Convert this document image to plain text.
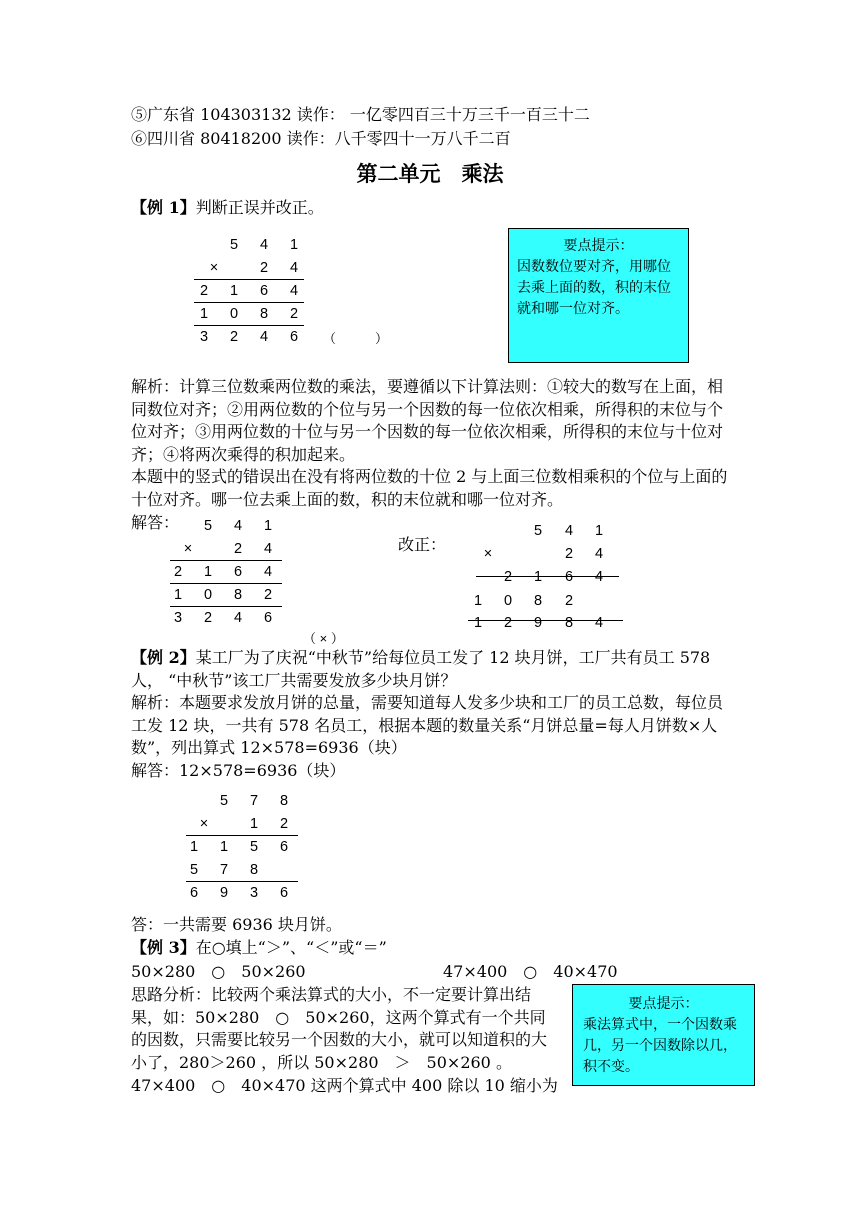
⑤广东省 104303132 读作： 一亿零四百三十万三千一百三十二
⑥四川省 80418200 读作：八千零四十一万八千二百
第二单元　乘法
【例 1】判断正误并改正。
5	4	1
×	2	4
2	1	6	4
1	0	8	2
3	2	4	6	（　　　）
要点提示：
因数数位要对齐，用哪位去乘上面的数，积的末位就和哪一位对齐。
解析：计算三位数乘两位数的乘法，要遵循以下计算法则：①较大的数写在上面，相同数位对齐；②用两位数的个位与另一个因数的每一位依次相乘，所得积的末位与个位对齐；③用两位数的十位与另一个因数的每一位依次相乘，所得积的末位与十位对齐；④将两次乘得的积加起来。
本题中的竖式的错误出在没有将两位数的十位 2 与上面三位数相乘积的个位与上面的十位对齐。哪一位去乘上面的数，积的末位就和哪一位对齐。
解答：	5	4	1
×	2	4
2	1	6	4
1	0	8	2
3	2	4	6
（ × ）
改正：
5	4	1
×	2	4
2	1	6	4
1	0	8	2
1	2	9	8	4
【例 2】某工厂为了庆祝“中秋节”给每位员工发了 12 块月饼，工厂共有员工 578 人， “中秋节”该工厂共需要发放多少块月饼？
解析：本题要求发放月饼的总量，需要知道每人发多少块和工厂的员工总数，每位员工发 12 块，一共有 578 名员工，根据本题的数量关系“月饼总量=每人月饼数×人数”，列出算式 12×578=6936（块）
解答：12×578=6936（块）
5	7	8
×	1	2
1	1	5	6
5	7	8
6	9	3	6
答：一共需要 6936 块月饼。
【例 3】在○填上“＞”、“＜”或“＝”
50×280　○　50×260	47×400　○　40×470
思路分析：比较两个乘法算式的大小，不一定要计算出结果，如：50×280　○　50×260，这两个算式有一个共同的因数，只需要比较另一个因数的大小，就可以知道积的大小了，280＞260 ，所以 50×280　＞　50×260 。
47×400　○　40×470 这两个算式中 400 除以 10 缩小为
要点提示：
乘法算式中，一个因数乘几，另一个因数除以几，积不变。
